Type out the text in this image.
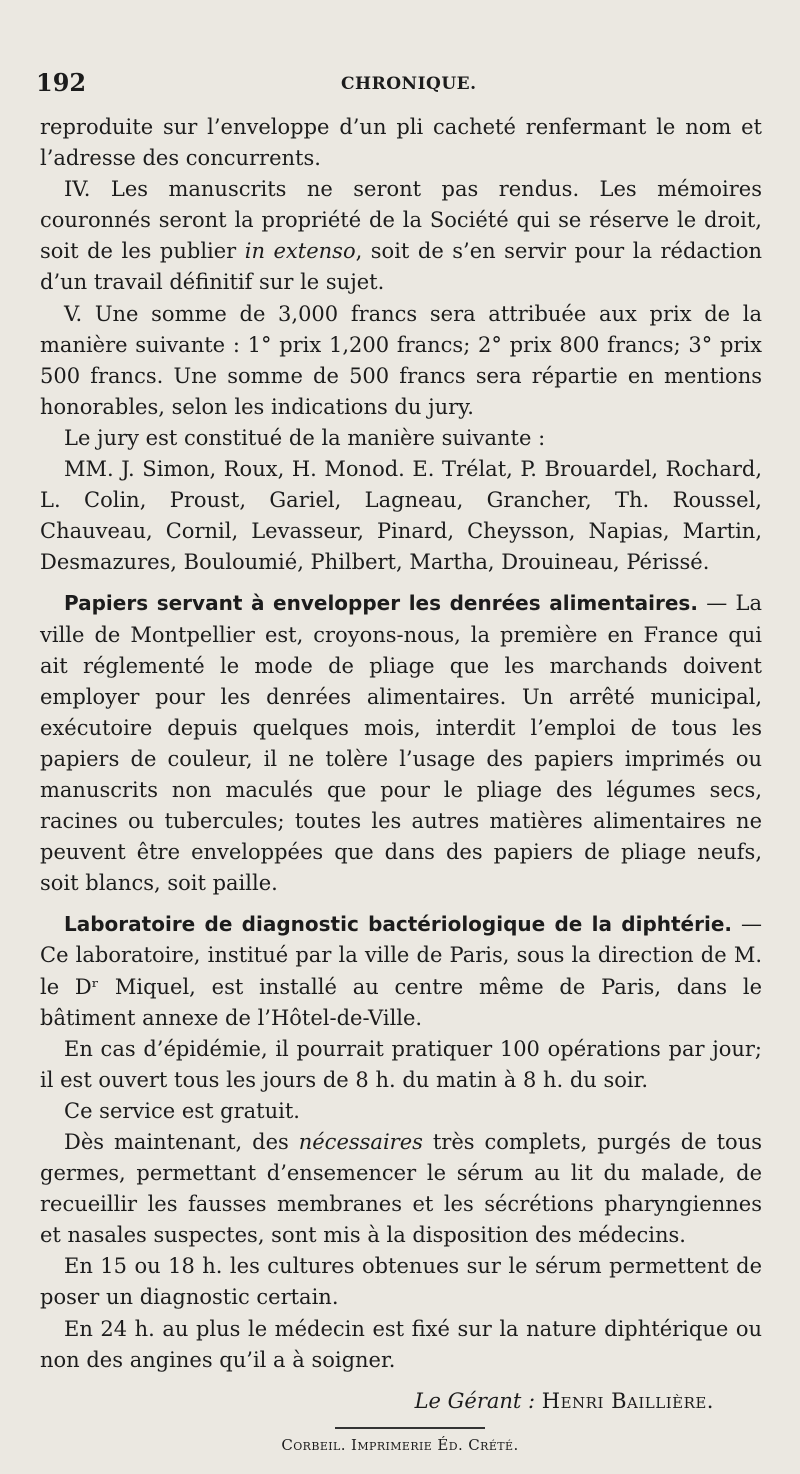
192	CHRONIQUE.

reproduite sur l’enveloppe d’un pli cacheté renfermant le nom et l’adresse des concurrents.

IV. Les manuscrits ne seront pas rendus. Les mémoires couronnés seront la propriété de la Société qui se réserve le droit, soit de les publier in extenso, soit de s’en servir pour la rédaction d’un travail définitif sur le sujet.

V. Une somme de 3,000 francs sera attribuée aux prix de la manière suivante : 1° prix 1,200 francs; 2° prix 800 francs; 3° prix 500 francs. Une somme de 500 francs sera répartie en mentions honorables, selon les indications du jury.

Le jury est constitué de la manière suivante :

MM. J. Simon, Roux, H. Monod. E. Trélat, P. Brouardel, Rochard, L. Colin, Proust, Gariel, Lagneau, Grancher, Th. Roussel, Chauveau, Cornil, Levasseur, Pinard, Cheysson, Napias, Martin, Desmazures, Bouloumié, Philbert, Martha, Drouineau, Périssé.

Papiers servant à envelopper les denrées alimentaires. — La ville de Montpellier est, croyons-nous, la première en France qui ait réglementé le mode de pliage que les marchands doivent employer pour les denrées alimentaires. Un arrêté municipal, exécutoire depuis quelques mois, interdit l’emploi de tous les papiers de couleur, il ne tolère l’usage des papiers imprimés ou manuscrits non maculés que pour le pliage des légumes secs, racines ou tubercules; toutes les autres matières alimentaires ne peuvent être enveloppées que dans des papiers de pliage neufs, soit blancs, soit paille.

Laboratoire de diagnostic bactériologique de la diphtérie. — Ce laboratoire, institué par la ville de Paris, sous la direction de M. le Dʳ Miquel, est installé au centre même de Paris, dans le bâtiment annexe de l’Hôtel-de-Ville.

En cas d’épidémie, il pourrait pratiquer 100 opérations par jour; il est ouvert tous les jours de 8 h. du matin à 8 h. du soir.

Ce service est gratuit.

Dès maintenant, des nécessaires très complets, purgés de tous germes, permettant d’ensemencer le sérum au lit du malade, de recueillir les fausses membranes et les sécrétions pharyngiennes et nasales suspectes, sont mis à la disposition des médecins.

En 15 ou 18 h. les cultures obtenues sur le sérum permettent de poser un diagnostic certain.

En 24 h. au plus le médecin est fixé sur la nature diphtérique ou non des angines qu’il a à soigner.

Le Gérant : Henri Baillière.

Corbeil. Imprimerie Éd. Crété.
